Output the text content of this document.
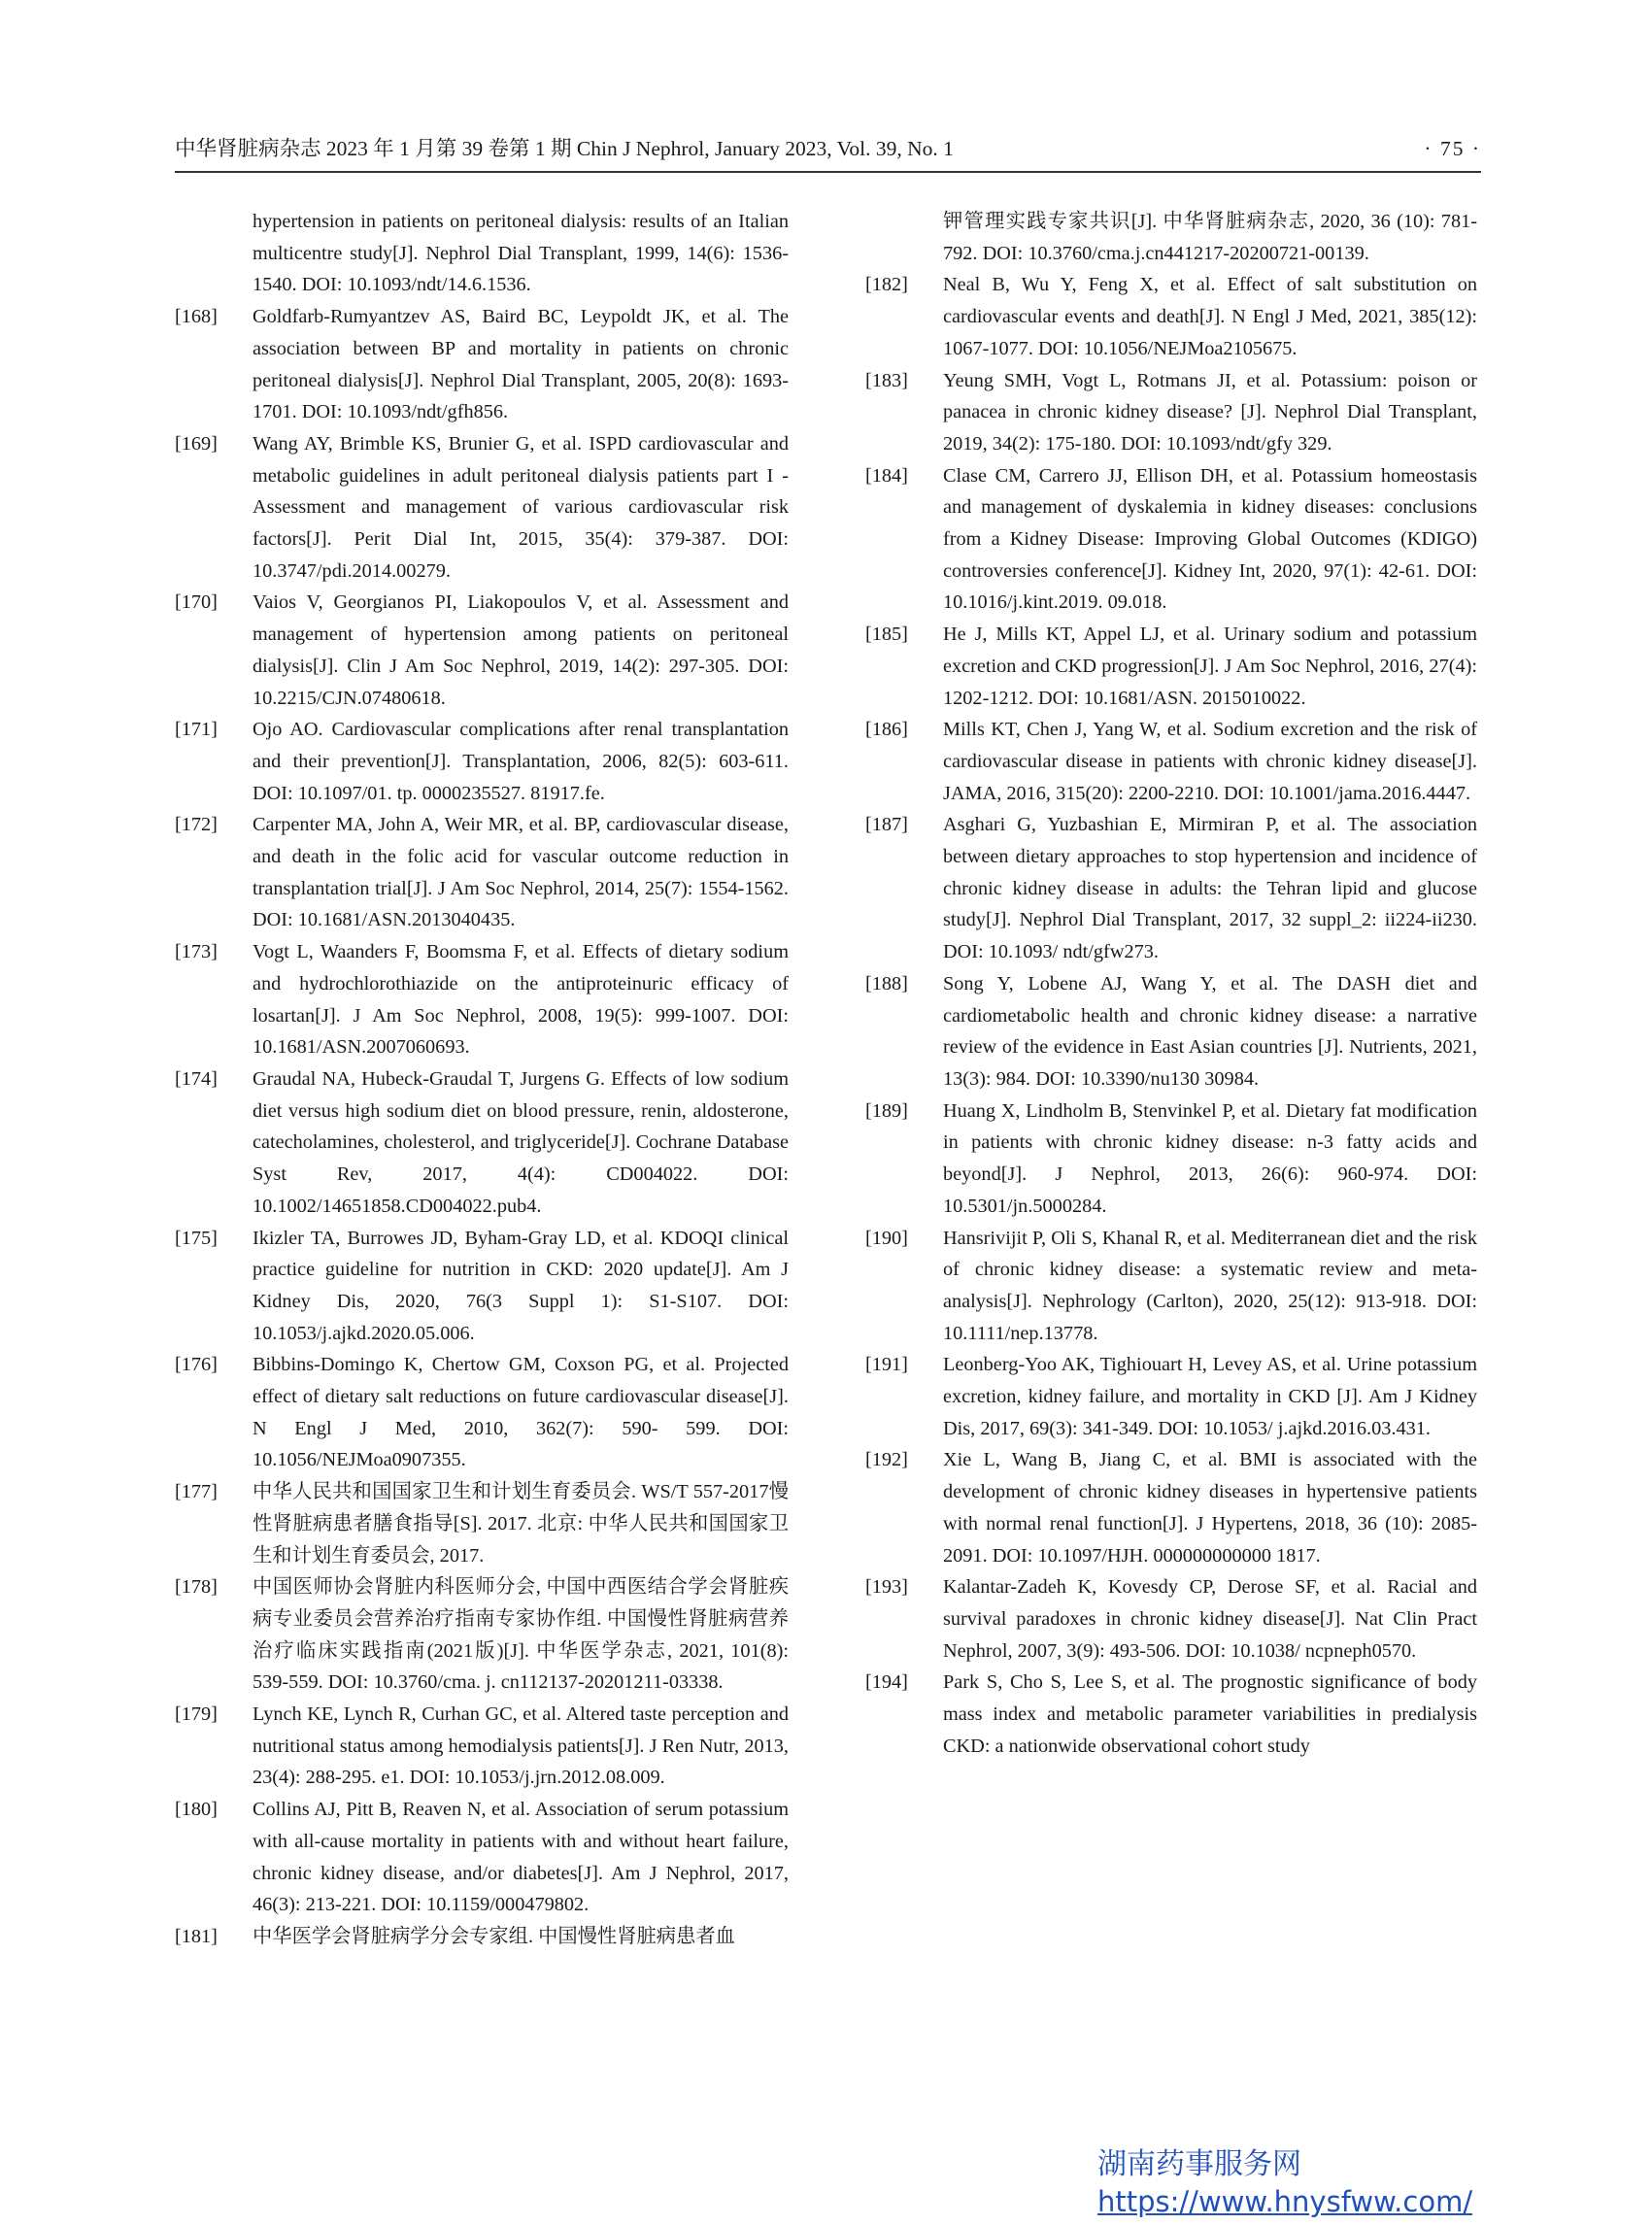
中华肾脏病杂志 2023 年 1 月第 39 卷第 1 期 Chin J Nephrol, January 2023, Vol. 39, No. 1	· 75 ·
hypertension in patients on peritoneal dialysis: results of an Italian multicentre study[J]. Nephrol Dial Transplant, 1999, 14(6): 1536-1540. DOI: 10.1093/ndt/14.6.1536.
[168] Goldfarb-Rumyantzev AS, Baird BC, Leypoldt JK, et al. The association between BP and mortality in patients on chronic peritoneal dialysis[J]. Nephrol Dial Transplant, 2005, 20(8): 1693-1701. DOI: 10.1093/ndt/gfh856.
[169] Wang AY, Brimble KS, Brunier G, et al. ISPD cardiovascular and metabolic guidelines in adult peritoneal dialysis patients part I - Assessment and management of various cardiovascular risk factors[J]. Perit Dial Int, 2015, 35(4): 379-387. DOI: 10.3747/pdi.2014.00279.
[170] Vaios V, Georgianos PI, Liakopoulos V, et al. Assessment and management of hypertension among patients on peritoneal dialysis[J]. Clin J Am Soc Nephrol, 2019, 14(2): 297-305. DOI: 10.2215/CJN.07480618.
[171] Ojo AO. Cardiovascular complications after renal transplantation and their prevention[J]. Transplantation, 2006, 82(5): 603-611. DOI: 10.1097/01. tp. 0000235527. 81917.fe.
[172] Carpenter MA, John A, Weir MR, et al. BP, cardiovascular disease, and death in the folic acid for vascular outcome reduction in transplantation trial[J]. J Am Soc Nephrol, 2014, 25(7): 1554-1562. DOI: 10.1681/ASN.2013040435.
[173] Vogt L, Waanders F, Boomsma F, et al. Effects of dietary sodium and hydrochlorothiazide on the antiproteinuric efficacy of losartan[J]. J Am Soc Nephrol, 2008, 19(5): 999-1007. DOI: 10.1681/ASN.2007060693.
[174] Graudal NA, Hubeck-Graudal T, Jurgens G. Effects of low sodium diet versus high sodium diet on blood pressure, renin, aldosterone, catecholamines, cholesterol, and triglyceride[J]. Cochrane Database Syst Rev, 2017, 4(4): CD004022. DOI: 10.1002/14651858.CD004022.pub4.
[175] Ikizler TA, Burrowes JD, Byham-Gray LD, et al. KDOQI clinical practice guideline for nutrition in CKD: 2020 update[J]. Am J Kidney Dis, 2020, 76(3 Suppl 1): S1-S107. DOI: 10.1053/j.ajkd.2020.05.006.
[176] Bibbins-Domingo K, Chertow GM, Coxson PG, et al. Projected effect of dietary salt reductions on future cardiovascular disease[J]. N Engl J Med, 2010, 362(7): 590- 599. DOI: 10.1056/NEJMoa0907355.
[177] 中华人民共和国国家卫生和计划生育委员会. WS/T 557-2017慢性肾脏病患者膳食指导[S]. 2017. 北京: 中华人民共和国国家卫生和计划生育委员会, 2017.
[178] 中国医师协会肾脏内科医师分会, 中国中西医结合学会肾脏疾病专业委员会营养治疗指南专家协作组. 中国慢性肾脏病营养治疗临床实践指南(2021版)[J]. 中华医学杂志, 2021, 101(8): 539-559. DOI: 10.3760/cma. j. cn112137-20201211-03338.
[179] Lynch KE, Lynch R, Curhan GC, et al. Altered taste perception and nutritional status among hemodialysis patients[J]. J Ren Nutr, 2013, 23(4): 288-295. e1. DOI: 10.1053/j.jrn.2012.08.009.
[180] Collins AJ, Pitt B, Reaven N, et al. Association of serum potassium with all-cause mortality in patients with and without heart failure, chronic kidney disease, and/or diabetes[J]. Am J Nephrol, 2017, 46(3): 213-221. DOI: 10.1159/000479802.
[181] 中华医学会肾脏病学分会专家组. 中国慢性肾脏病患者血
钾管理实践专家共识[J]. 中华肾脏病杂志, 2020, 36 (10): 781-792. DOI: 10.3760/cma.j.cn441217-20200721-00139.
[182] Neal B, Wu Y, Feng X, et al. Effect of salt substitution on cardiovascular events and death[J]. N Engl J Med, 2021, 385(12): 1067-1077. DOI: 10.1056/NEJMoa2105675.
[183] Yeung SMH, Vogt L, Rotmans JI, et al. Potassium: poison or panacea in chronic kidney disease? [J]. Nephrol Dial Transplant, 2019, 34(2): 175-180. DOI: 10.1093/ndt/gfy 329.
[184] Clase CM, Carrero JJ, Ellison DH, et al. Potassium homeostasis and management of dyskalemia in kidney diseases: conclusions from a Kidney Disease: Improving Global Outcomes (KDIGO) controversies conference[J]. Kidney Int, 2020, 97(1): 42-61. DOI: 10.1016/j.kint.2019. 09.018.
[185] He J, Mills KT, Appel LJ, et al. Urinary sodium and potassium excretion and CKD progression[J]. J Am Soc Nephrol, 2016, 27(4): 1202-1212. DOI: 10.1681/ASN. 2015010022.
[186] Mills KT, Chen J, Yang W, et al. Sodium excretion and the risk of cardiovascular disease in patients with chronic kidney disease[J]. JAMA, 2016, 315(20): 2200-2210. DOI: 10.1001/jama.2016.4447.
[187] Asghari G, Yuzbashian E, Mirmiran P, et al. The association between dietary approaches to stop hypertension and incidence of chronic kidney disease in adults: the Tehran lipid and glucose study[J]. Nephrol Dial Transplant, 2017, 32 suppl_2: ii224-ii230. DOI: 10.1093/ ndt/gfw273.
[188] Song Y, Lobene AJ, Wang Y, et al. The DASH diet and cardiometabolic health and chronic kidney disease: a narrative review of the evidence in East Asian countries [J]. Nutrients, 2021, 13(3): 984. DOI: 10.3390/nu130 30984.
[189] Huang X, Lindholm B, Stenvinkel P, et al. Dietary fat modification in patients with chronic kidney disease: n-3 fatty acids and beyond[J]. J Nephrol, 2013, 26(6): 960-974. DOI: 10.5301/jn.5000284.
[190] Hansrivijit P, Oli S, Khanal R, et al. Mediterranean diet and the risk of chronic kidney disease: a systematic review and meta-analysis[J]. Nephrology (Carlton), 2020, 25(12): 913-918. DOI: 10.1111/nep.13778.
[191] Leonberg-Yoo AK, Tighiouart H, Levey AS, et al. Urine potassium excretion, kidney failure, and mortality in CKD [J]. Am J Kidney Dis, 2017, 69(3): 341-349. DOI: 10.1053/ j.ajkd.2016.03.431.
[192] Xie L, Wang B, Jiang C, et al. BMI is associated with the development of chronic kidney diseases in hypertensive patients with normal renal function[J]. J Hypertens, 2018, 36 (10): 2085-2091. DOI: 10.1097/HJH. 000000000000 1817.
[193] Kalantar-Zadeh K, Kovesdy CP, Derose SF, et al. Racial and survival paradoxes in chronic kidney disease[J]. Nat Clin Pract Nephrol, 2007, 3(9): 493-506. DOI: 10.1038/ ncpneph0570.
[194] Park S, Cho S, Lee S, et al. The prognostic significance of body mass index and metabolic parameter variabilities in predialysis CKD: a nationwide observational cohort study
湖南药事服务网
https://www.hnysfww.com/
